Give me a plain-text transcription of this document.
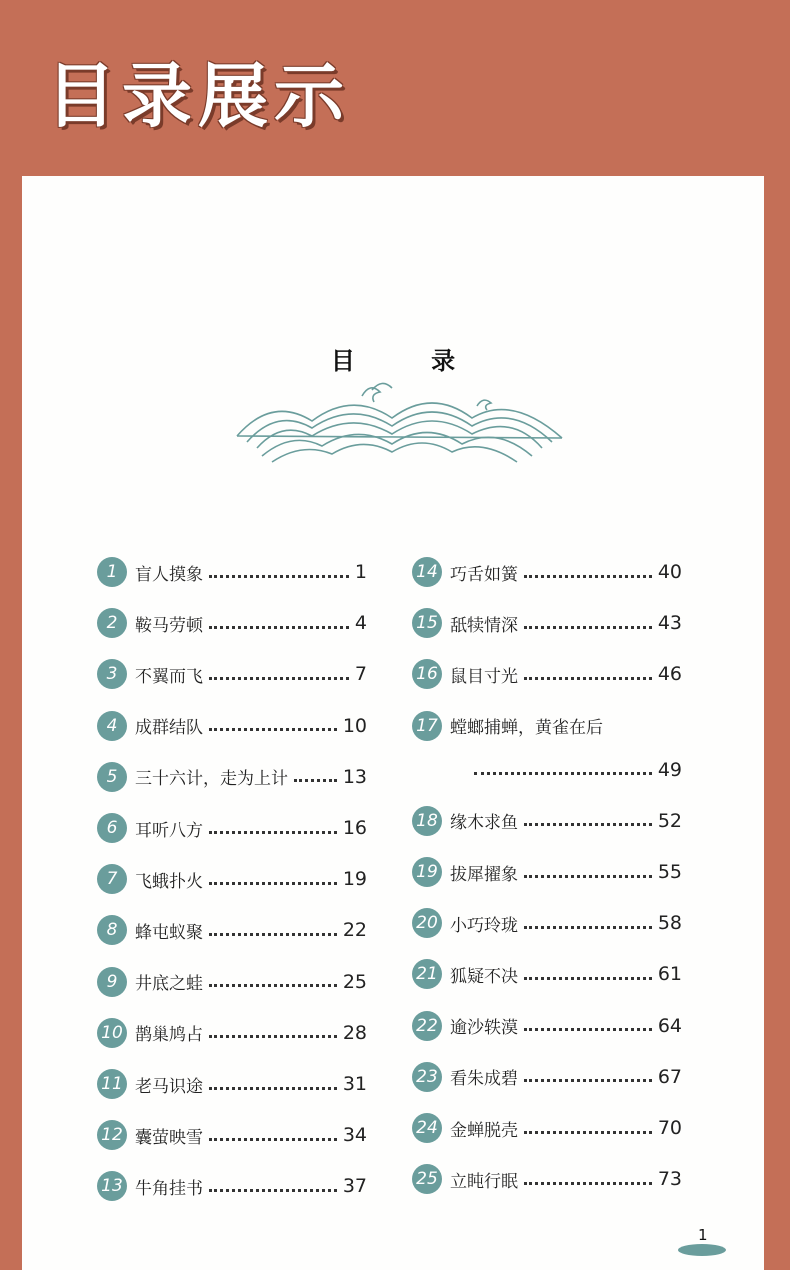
目录展示
目 录
1	盲人摸象	1
2	鞍马劳顿	4
3	不翼而飞	7
4	成群结队	10
5	三十六计，走为上计	13
6	耳听八方	16
7	飞蛾扑火	19
8	蜂屯蚁聚	22
9	井底之蛙	25
10 鹊巢鸠占	28
11 老马识途	31
12 囊萤映雪	34
13 牛角挂书	37
14 巧舌如簧	40
15 舐犊情深	43
16 鼠目寸光	46
17 螳螂捕蝉，黄雀在后
49
18 缘木求鱼	52
19 拔犀擢象	55
20 小巧玲珑	58
21 狐疑不决	61
22 逾沙轶漠	64
23 看朱成碧	67
24 金蝉脱壳	70
25 立盹行眠	73
1
